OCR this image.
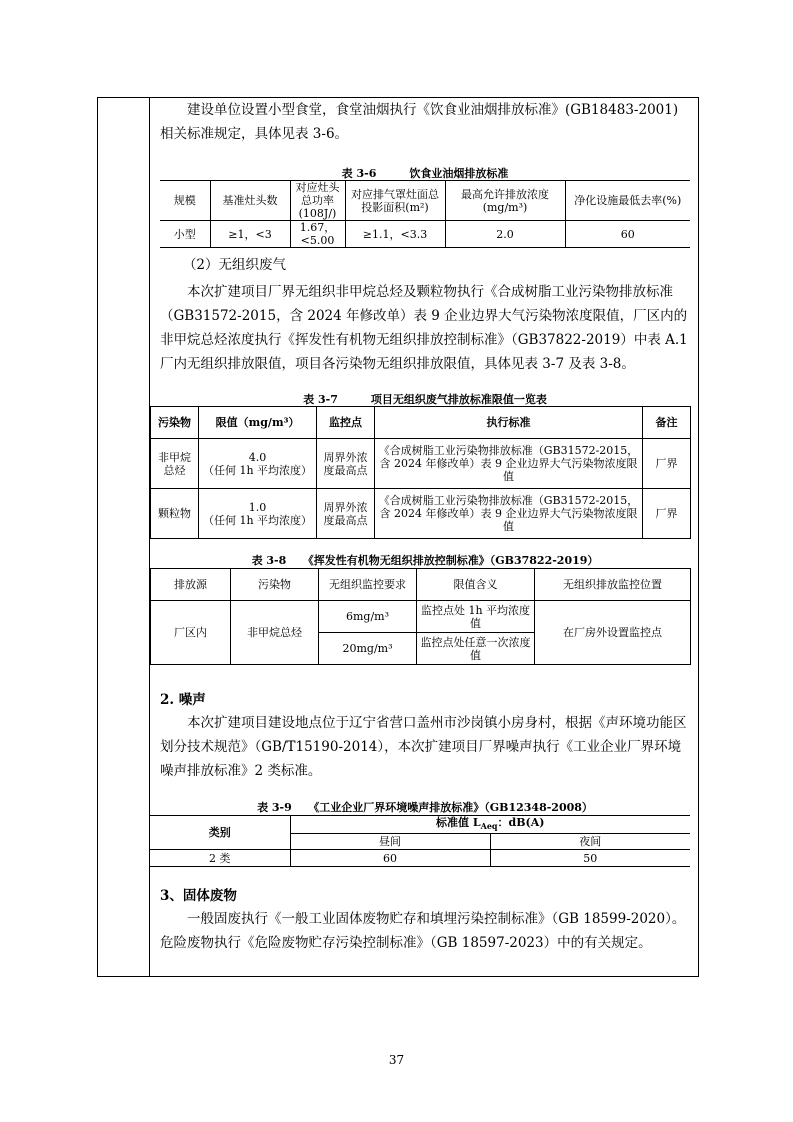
建设单位设置小型食堂，食堂油烟执行《饮食业油烟排放标准》(GB18483-2001)相关标准规定，具体见表 3-6。

表 3-6　　　饮食业油烟排放标准
规模	基准灶头数	对应灶头总功率(108J/)	对应排气罩灶面总投影面积(m²)	最高允许排放浓度(mg/m³)	净化设施最低去率(%)
小型	≥1，<3	1.67，<5.00	≥1.1，<3.3	2.0	60

（2）无组织废气

本次扩建项目厂界无组织非甲烷总烃及颗粒物执行《合成树脂工业污染物排放标准（GB31572-2015，含 2024 年修改单）表 9 企业边界大气污染物浓度限值，厂区内的非甲烷总烃浓度执行《挥发性有机物无组织排放控制标准》（GB37822-2019）中表 A.1 厂内无组织排放限值，项目各污染物无组织排放限值，具体见表 3-7 及表 3-8。

表 3-7　　　项目无组织废气排放标准限值一览表
污染物	限值（mg/m³）	监控点	执行标准	备注
非甲烷总烃	4.0
（任何 1h 平均浓度）	周界外浓度最高点	《合成树脂工业污染物排放标准（GB31572-2015，含 2024 年修改单）表 9 企业边界大气污染物浓度限值	厂界
颗粒物	1.0
（任何 1h 平均浓度）	周界外浓度最高点	《合成树脂工业污染物排放标准（GB31572-2015，含 2024 年修改单）表 9 企业边界大气污染物浓度限值	厂界
表 3-8　　《挥发性有机物无组织排放控制标准》（GB37822-2019）
排放源	污染物	无组织监控要求	限值含义	无组织排放监控位置
厂区内	非甲烷总烃	6mg/m³	监控点处 1h 平均浓度值	在厂房外设置监控点
		20mg/m³	监控点处任意一次浓度值	
2. 噪声

本次扩建项目建设地点位于辽宁省营口盖州市沙岗镇小房身村，根据《声环境功能区划分技术规范》（GB/T15190-2014），本次扩建项目厂界噪声执行《工业企业厂界环境噪声排放标准》2 类标准。

表 3-9　　《工业企业厂界环境噪声排放标准》（GB12348-2008）
类别	标准值 $L_{Aeq}$：dB(A)	
	昼间	夜间
2 类	60	50
3、固体废物

一般固废执行《一般工业固体废物贮存和填埋污染控制标准》（GB 18599-2020）。危险废物执行《危险废物贮存污染控制标准》（GB 18597-2023）中的有关规定。

37
